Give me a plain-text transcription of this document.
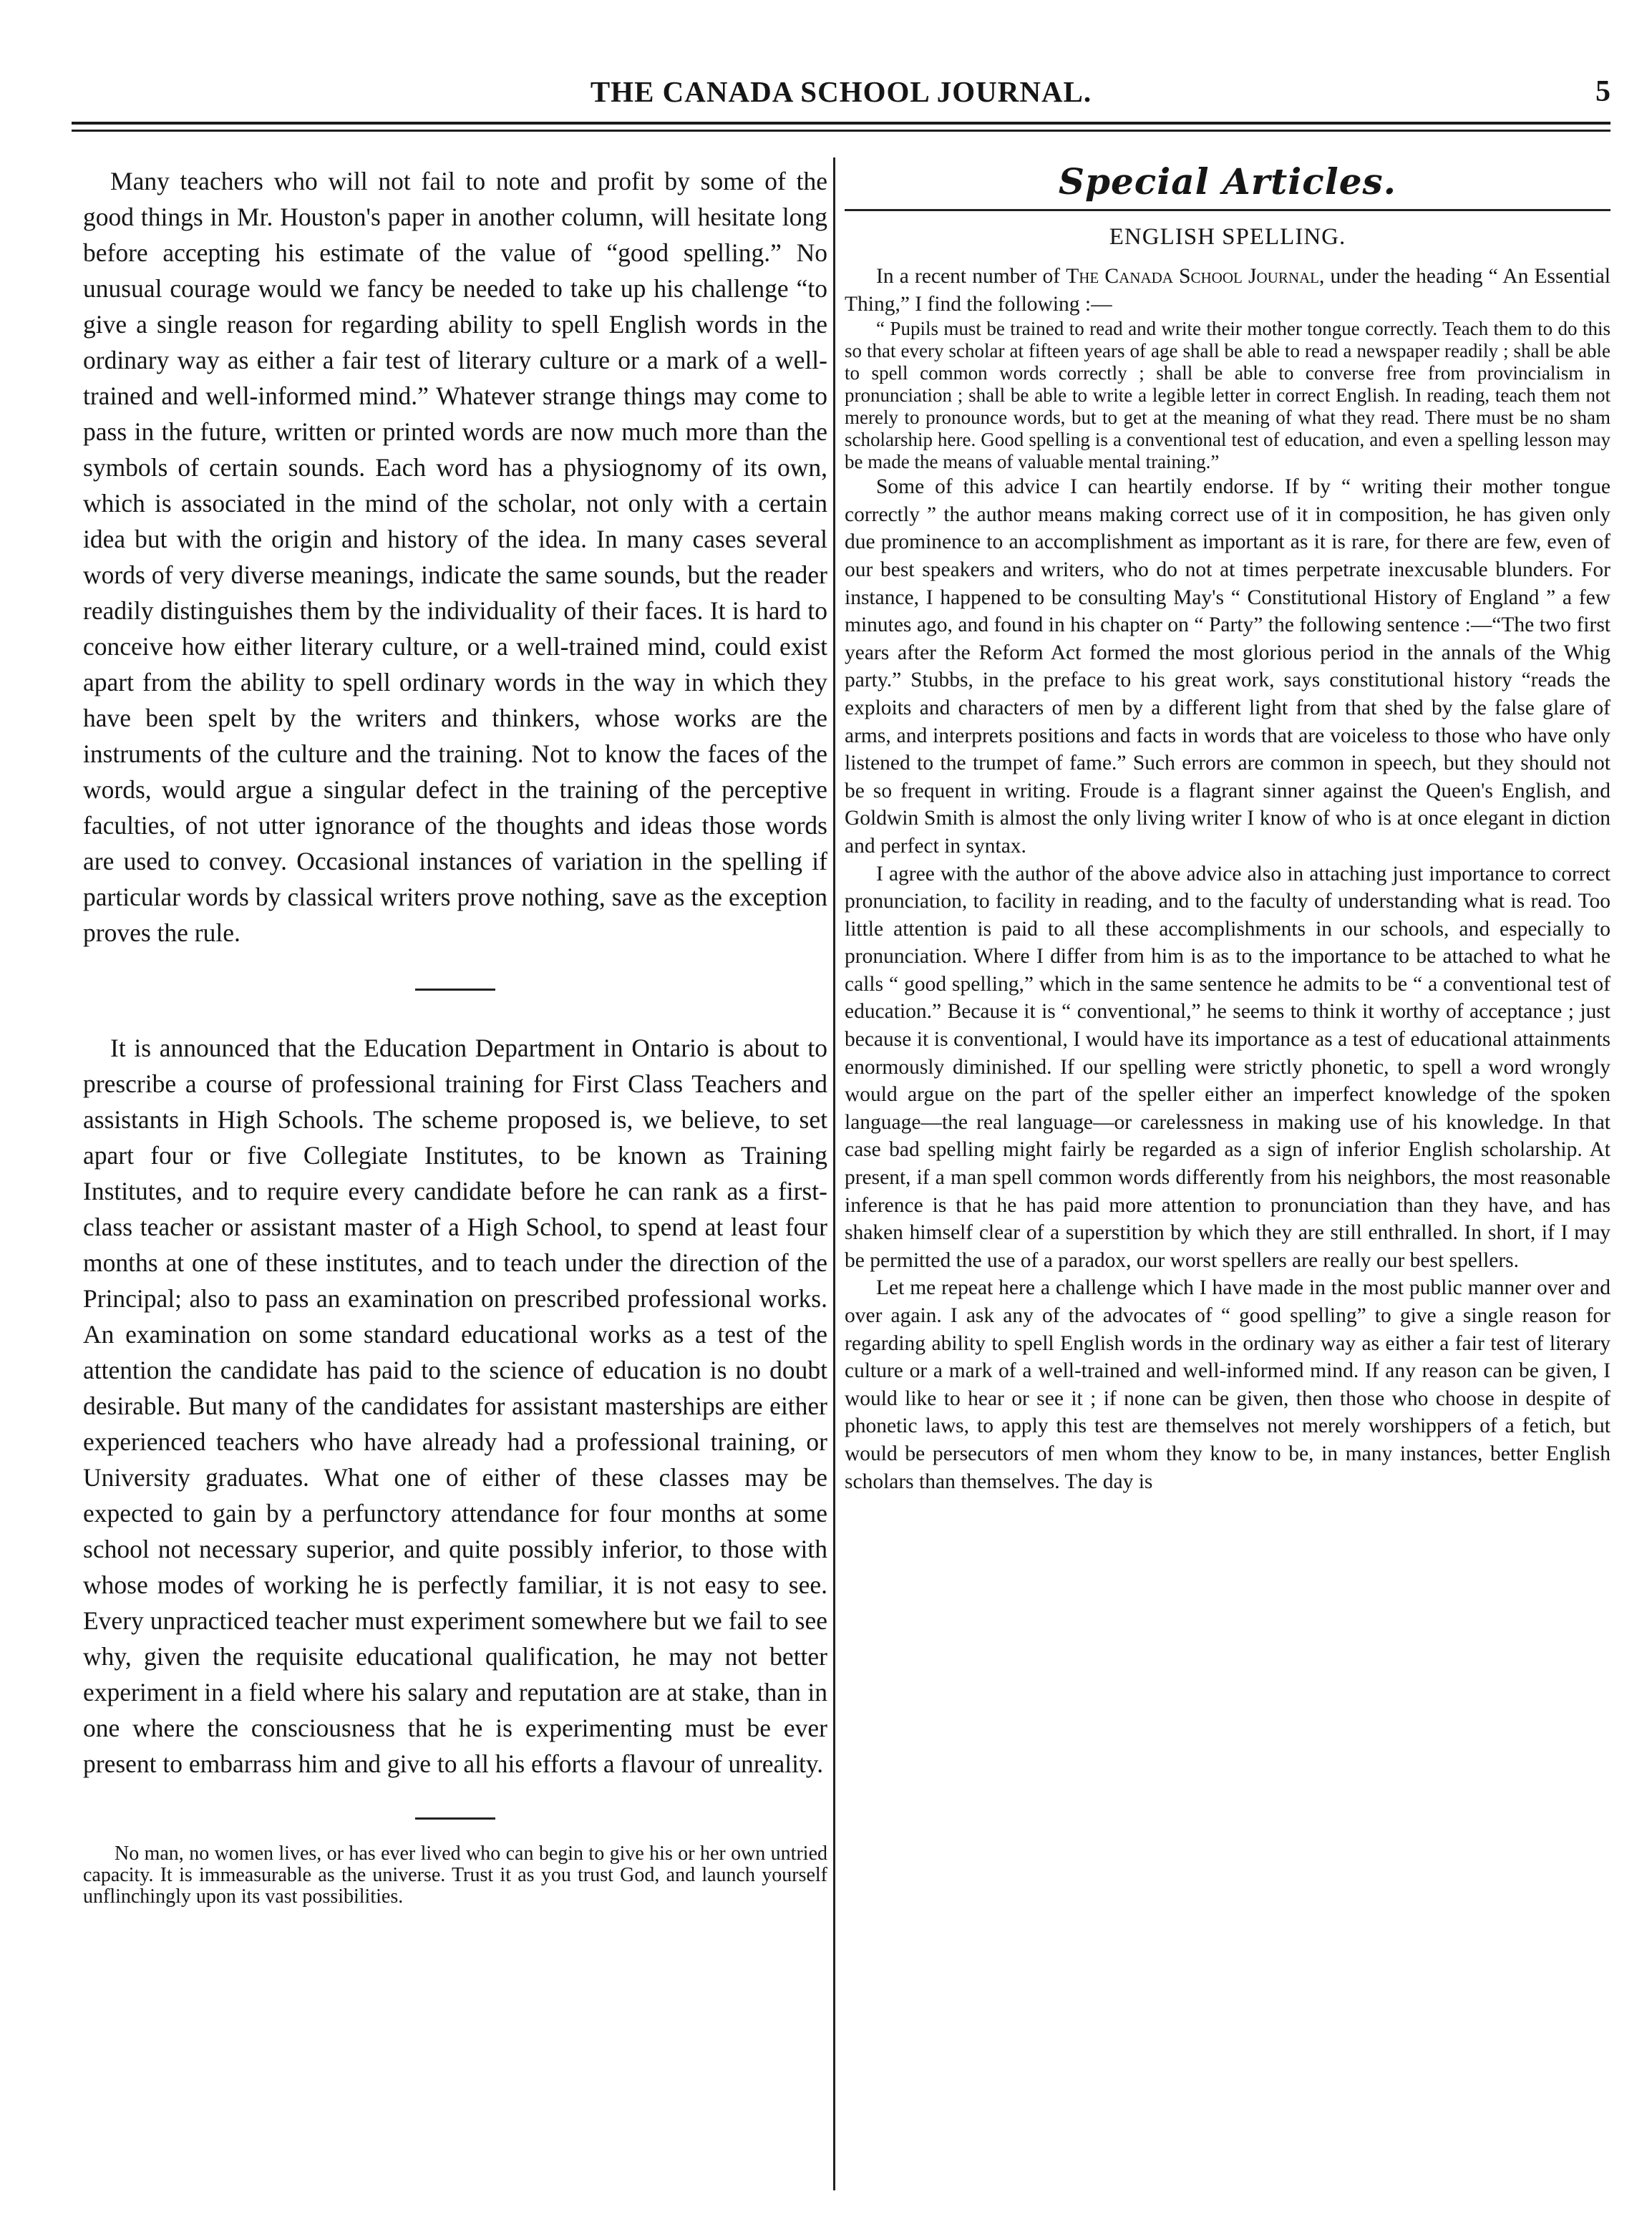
THE CANADA SCHOOL JOURNAL.	5

Many teachers who will not fail to note and profit by some of the good things in Mr. Houston's paper in another column, will hesitate long before accepting his estimate of the value of “good spelling.” No unusual courage would we fancy be needed to take up his challenge “to give a single reason for regarding ability to spell English words in the ordinary way as either a fair test of literary culture or a mark of a well-trained and well-informed mind.” Whatever strange things may come to pass in the future, written or printed words are now much more than the symbols of certain sounds. Each word has a physiognomy of its own, which is associated in the mind of the scholar, not only with a certain idea but with the origin and history of the idea. In many cases several words of very diverse meanings, indicate the same sounds, but the reader readily distinguishes them by the individuality of their faces. It is hard to conceive how either literary culture, or a well-trained mind, could exist apart from the ability to spell ordinary words in the way in which they have been spelt by the writers and thinkers, whose works are the instruments of the culture and the training. Not to know the faces of the words, would argue a singular defect in the training of the perceptive faculties, of not utter ignorance of the thoughts and ideas those words are used to convey. Occasional instances of variation in the spelling if particular words by classical writers prove nothing, save as the exception proves the rule.

It is announced that the Education Department in Ontario is about to prescribe a course of professional training for First Class Teachers and assistants in High Schools. The scheme proposed is, we believe, to set apart four or five Collegiate Institutes, to be known as Training Institutes, and to require every candidate before he can rank as a first-class teacher or assistant master of a High School, to spend at least four months at one of these institutes, and to teach under the direction of the Principal; also to pass an examination on prescribed professional works. An examination on some standard educational works as a test of the attention the candidate has paid to the science of education is no doubt desirable. But many of the candidates for assistant masterships are either experienced teachers who have already had a professional training, or University graduates. What one of either of these classes may be expected to gain by a perfunctory attendance for four months at some school not necessary superior, and quite possibly inferior, to those with whose modes of working he is perfectly familiar, it is not easy to see. Every unpracticed teacher must experiment somewhere but we fail to see why, given the requisite educational qualification, he may not better experiment in a field where his salary and reputation are at stake, than in one where the consciousness that he is experimenting must be ever present to embarrass him and give to all his efforts a flavour of unreality.

No man, no women lives, or has ever lived who can begin to give his or her own untried capacity. It is immeasurable as the universe. Trust it as you trust God, and launch yourself unflinchingly upon its vast possibilities.

Special Articles.
ENGLISH SPELLING.

In a recent number of The Canada School Journal, under the heading “ An Essential Thing,” I find the following :—

“ Pupils must be trained to read and write their mother tongue correctly. Teach them to do this so that every scholar at fifteen years of age shall be able to read a newspaper readily ; shall be able to spell common words correctly ; shall be able to converse free from provincialism in pronunciation ; shall be able to write a legible letter in correct English. In reading, teach them not merely to pronounce words, but to get at the meaning of what they read. There must be no sham scholarship here. Good spelling is a conventional test of education, and even a spelling lesson may be made the means of valuable mental training.”

Some of this advice I can heartily endorse. If by “ writing their mother tongue correctly ” the author means making correct use of it in composition, he has given only due prominence to an accomplishment as important as it is rare, for there are few, even of our best speakers and writers, who do not at times perpetrate inexcusable blunders. For instance, I happened to be consulting May's “ Constitutional History of England ” a few minutes ago, and found in his chapter on “ Party” the following sentence :—“The two first years after the Reform Act formed the most glorious period in the annals of the Whig party.” Stubbs, in the preface to his great work, says constitutional history “reads the exploits and characters of men by a different light from that shed by the false glare of arms, and interprets positions and facts in words that are voiceless to those who have only listened to the trumpet of fame.” Such errors are common in speech, but they should not be so frequent in writing. Froude is a flagrant sinner against the Queen's English, and Goldwin Smith is almost the only living writer I know of who is at once elegant in diction and perfect in syntax.

I agree with the author of the above advice also in attaching just importance to correct pronunciation, to facility in reading, and to the faculty of understanding what is read. Too little attention is paid to all these accomplishments in our schools, and especially to pronunciation. Where I differ from him is as to the importance to be attached to what he calls “ good spelling,” which in the same sentence he admits to be “ a conventional test of education.” Because it is “ conventional,” he seems to think it worthy of acceptance ; just because it is conventional, I would have its importance as a test of educational attainments enormously diminished. If our spelling were strictly phonetic, to spell a word wrongly would argue on the part of the speller either an imperfect knowledge of the spoken language—the real language—or carelessness in making use of his knowledge. In that case bad spelling might fairly be regarded as a sign of inferior English scholarship. At present, if a man spell common words differently from his neighbors, the most reasonable inference is that he has paid more attention to pronunciation than they have, and has shaken himself clear of a superstition by which they are still enthralled. In short, if I may be permitted the use of a paradox, our worst spellers are really our best spellers.

Let me repeat here a challenge which I have made in the most public manner over and over again. I ask any of the advocates of “ good spelling” to give a single reason for regarding ability to spell English words in the ordinary way as either a fair test of literary culture or a mark of a well-trained and well-informed mind. If any reason can be given, I would like to hear or see it ; if none can be given, then those who choose in despite of phonetic laws, to apply this test are themselves not merely worshippers of a fetich, but would be persecutors of men whom they know to be, in many instances, better English scholars than themselves. The day is
